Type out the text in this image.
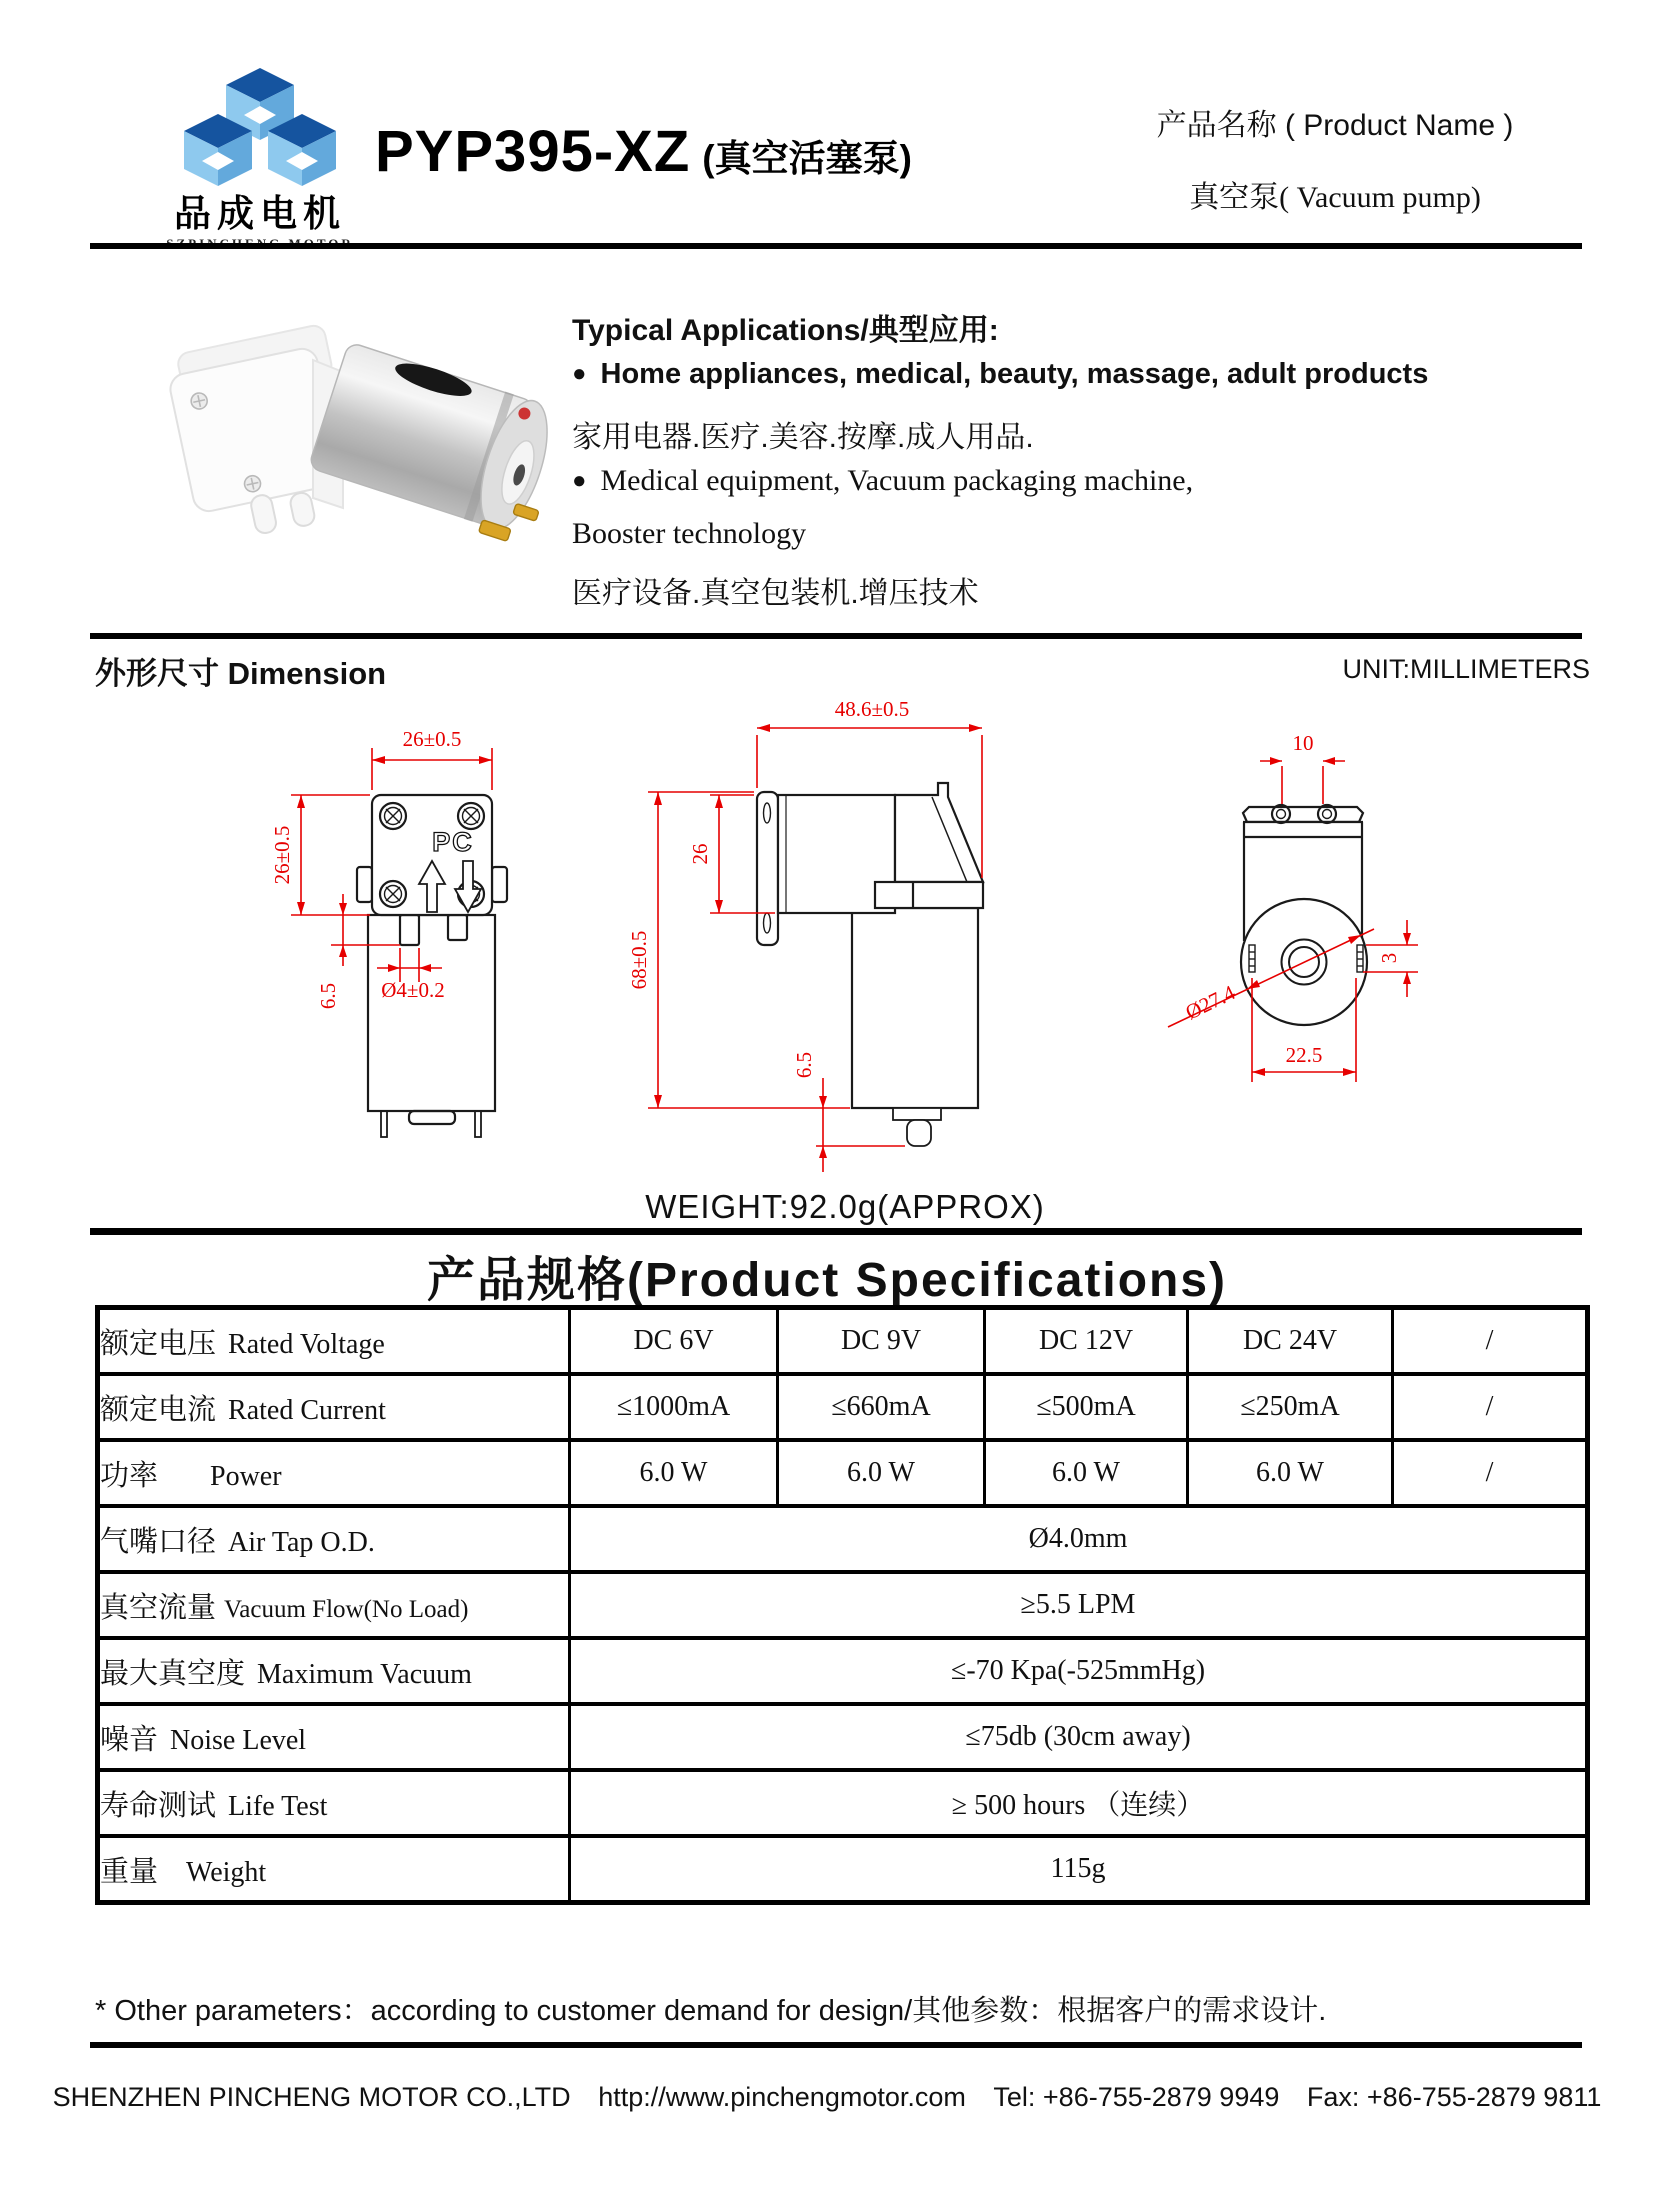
品成电机
PYP395-XZ (真空活塞泵)
产品名称 ( Product Name )
真空泵( Vacuum pump)
Typical Applications/典型应用:
● Home appliances, medical, beauty, massage, adult products
家用电器.医疗.美容.按摩.成人用品.
● Medical equipment, Vacuum packaging machine,
Booster technology
医疗设备.真空包装机.增压技术
外形尺寸 Dimension	UNIT:MILLIMETERS
PC
26±0.5
26±0.5
6.5 Ø4±0.2
48.6±0.5
26
68±0.5
6.5
10
Ø27.4
3
22.5
WEIGHT:92.0g(APPROX)
产品规格(Product Specifications)
额定电压 Rated Voltage	DC 6V	DC 9V	DC 12V	DC 24V	/
额定电流 Rated Current	≤1000mA	≤660mA	≤500mA	≤250mA	/
功率 Power	6.0 W	6.0 W	6.0 W	6.0 W	/
气嘴口径 Air Tap O.D.	Ø4.0mm				
真空流量 Vacuum Flow(No Load)	≥5.5 LPM				
最大真空度 Maximum Vacuum	≤-70 Kpa(-525mmHg)				
噪音 Noise Level	≤75db (30cm away)				
寿命测试 Life Test	≥ 500 hours （连续）				
重量 Weight	115g				
* Other parameters：according to customer demand for design/其他参数：根据客户的需求设计.
SHENZHEN PINCHENG MOTOR CO.,LTD http://www.pinchengmotor.com Tel: +86-755-2879 9949 Fax: +86-755-2879 9811
